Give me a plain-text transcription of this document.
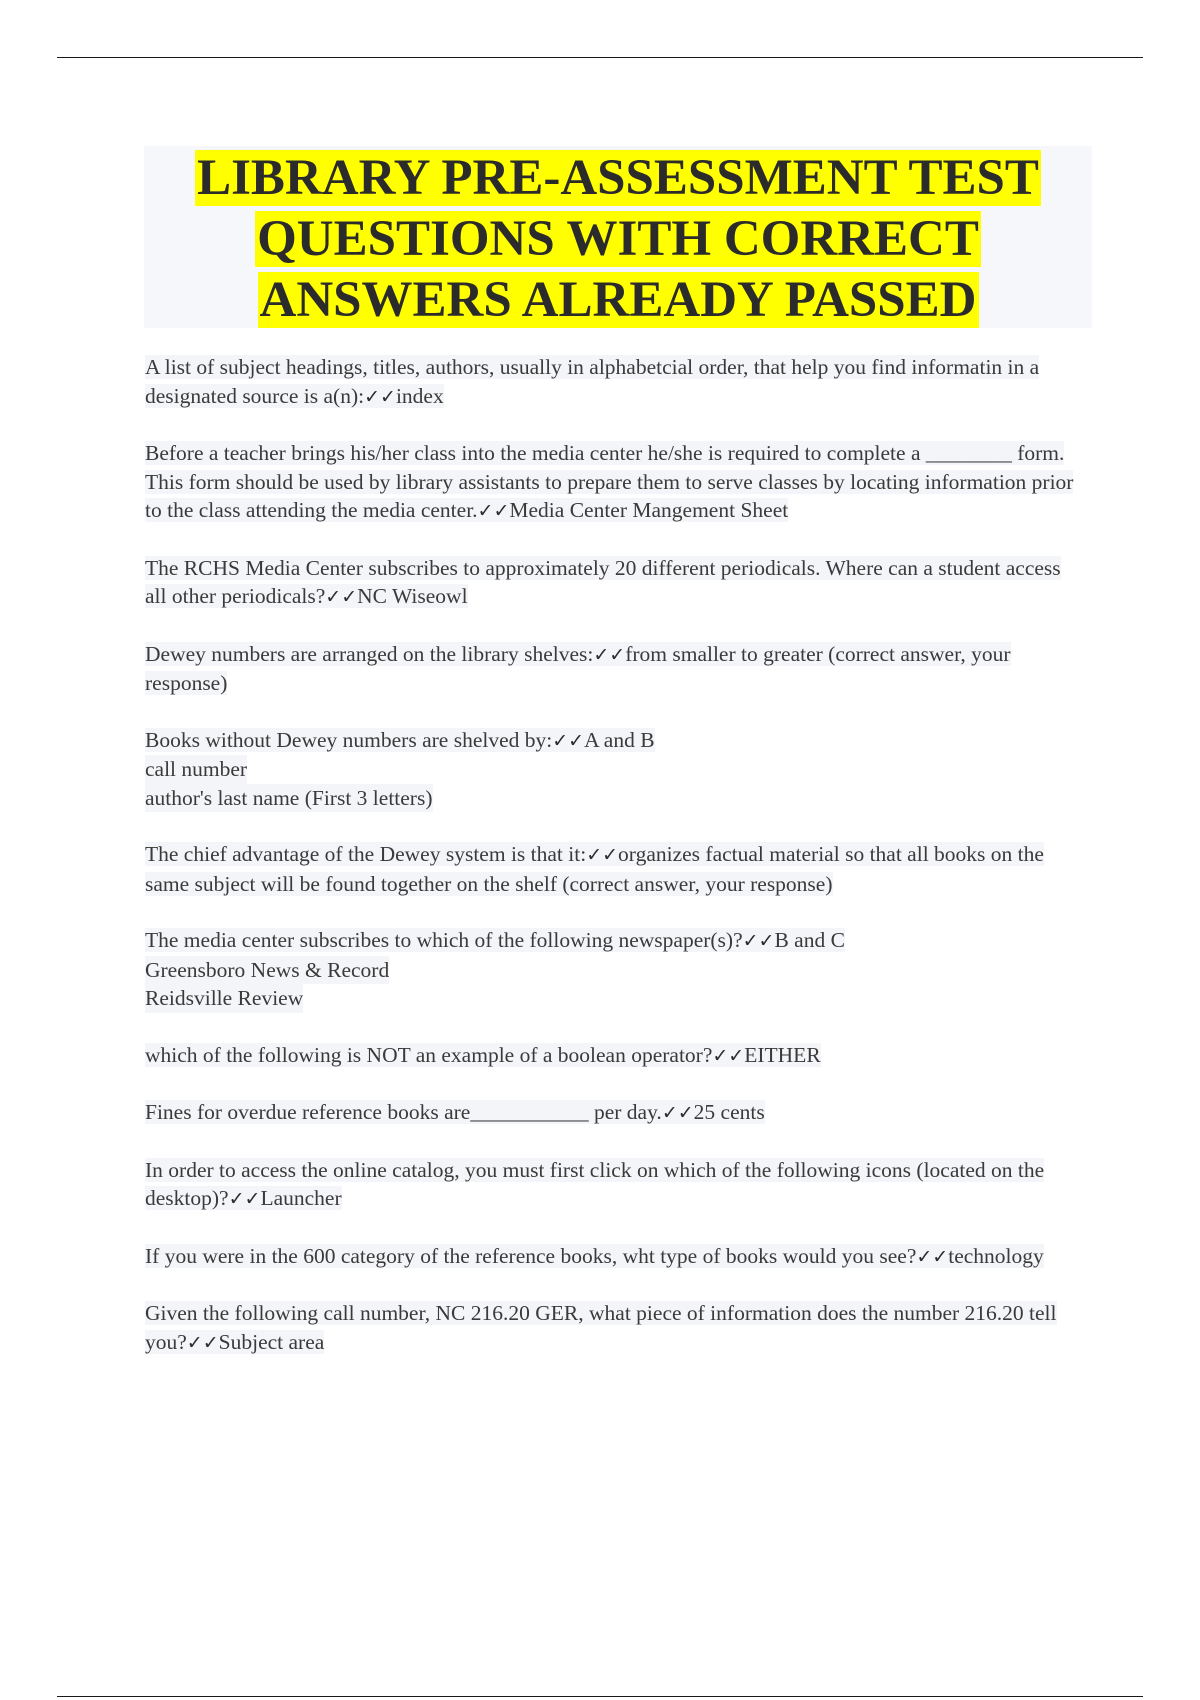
LIBRARY PRE-ASSESSMENT TEST
QUESTIONS WITH CORRECT
ANSWERS ALREADY PASSED
A list of subject headings, titles, authors, usually in alphabetcial order, that help you find informatin in a designated source is a(n):✓✓index
Before a teacher brings his/her class into the media center he/she is required to complete a ________ form. This form should be used by library assistants to prepare them to serve classes by locating information prior to the class attending the media center.✓✓Media Center Mangement Sheet
The RCHS Media Center subscribes to approximately 20 different periodicals. Where can a student access all other periodicals?✓✓NC Wiseowl
Dewey numbers are arranged on the library shelves:✓✓from smaller to greater (correct answer, your response)
Books without Dewey numbers are shelved by:✓✓A and B
call number
author's last name (First 3 letters)
The chief advantage of the Dewey system is that it:✓✓organizes factual material so that all books on the same subject will be found together on the shelf (correct answer, your response)
The media center subscribes to which of the following newspaper(s)?✓✓B and C
Greensboro News & Record
Reidsville Review
which of the following is NOT an example of a boolean operator?✓✓EITHER
Fines for overdue reference books are___________ per day.✓✓25 cents
In order to access the online catalog, you must first click on which of the following icons (located on the desktop)?✓✓Launcher
If you were in the 600 category of the reference books, wht type of books would you see?✓✓technology
Given the following call number, NC 216.20 GER, what piece of information does the number 216.20 tell you?✓✓Subject area
